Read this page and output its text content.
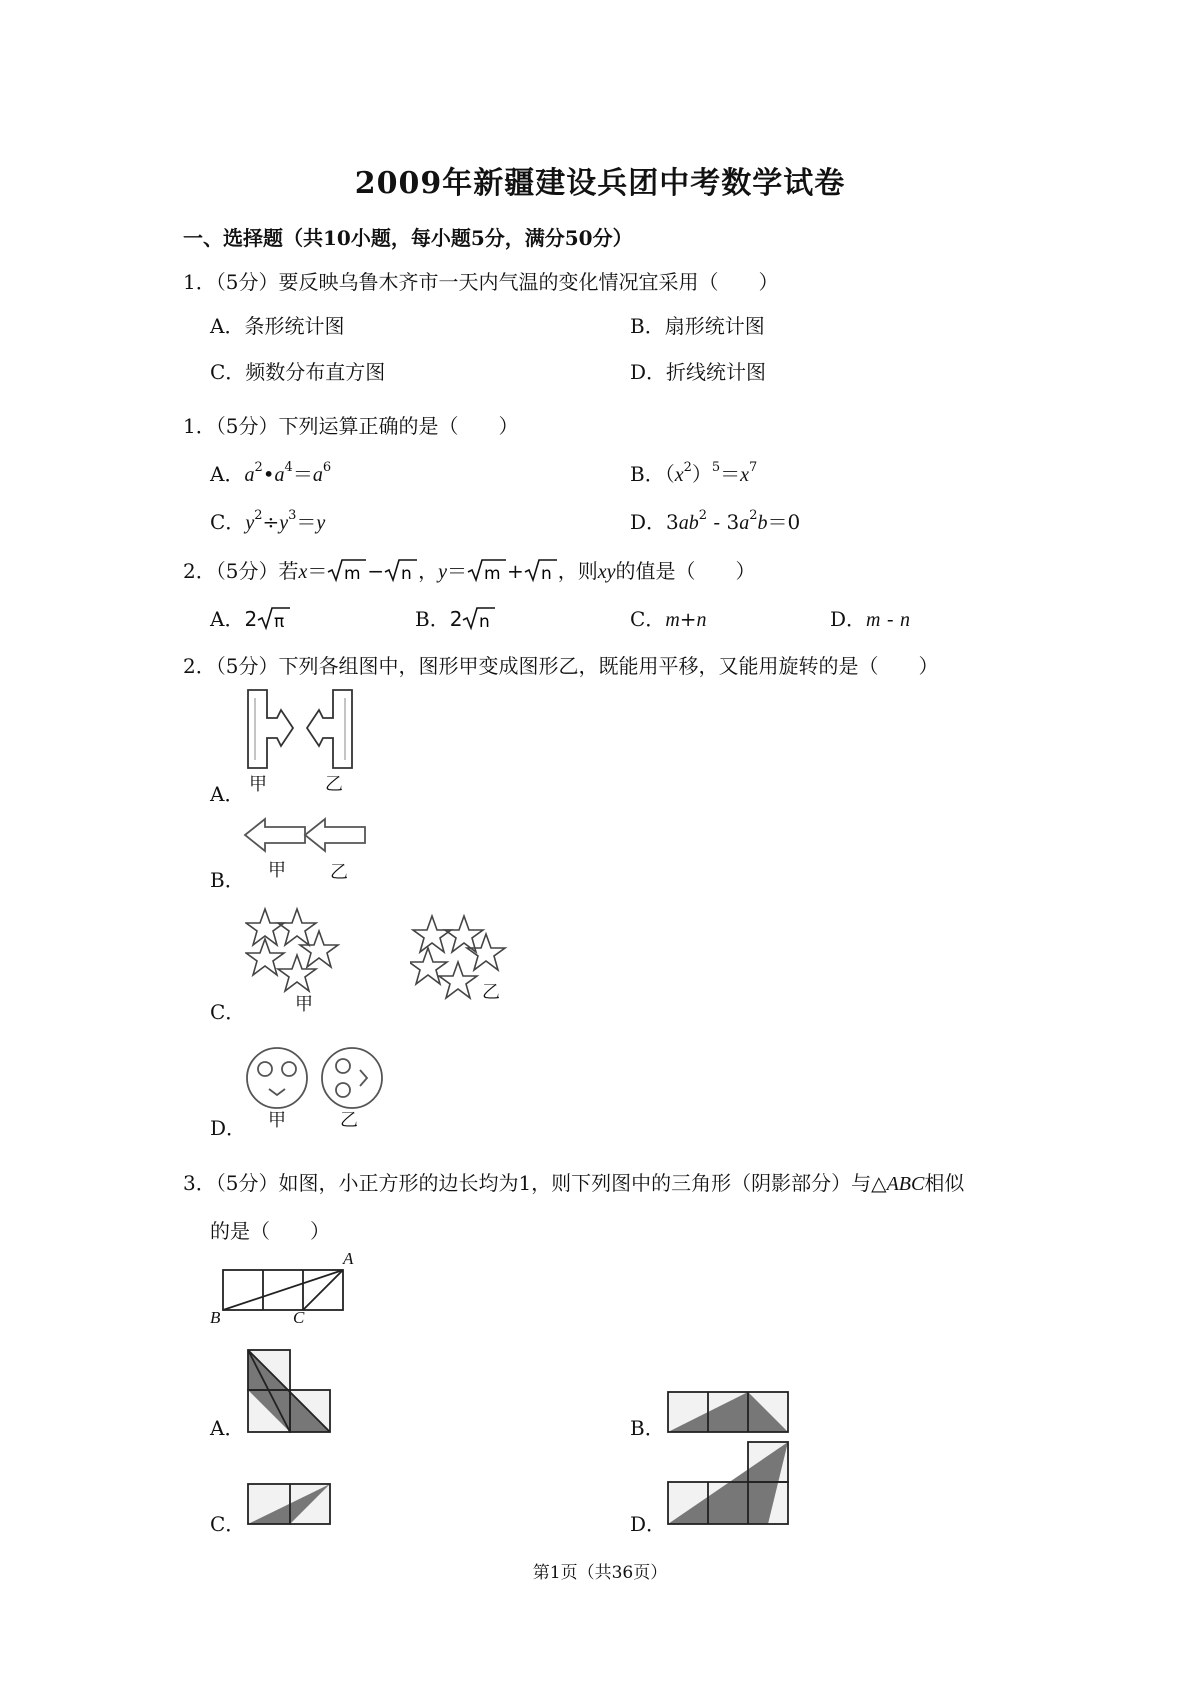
2009年新疆建设兵团中考数学试卷
一、选择题（共10小题，每小题5分，满分50分）
1．（5分）要反映乌鲁木齐市一天内气温的变化情况宜采用（　　）
A．条形统计图	B．扇形统计图
C．频数分布直方图	D．折线统计图
1．（5分）下列运算正确的是（　　）
A．$a^2•a^4=a^6$	B．$(x^2)^5=x^7$
C．$y^2\div y^3=y$	D．$3ab^2 - 3a^2b=0$
2．（5分）若x＝ m − n ，y＝ m + n ，则xy的值是（　　）
A．2 π	B．2 n	C．m+n	D．m - n
2．（5分）下列各组图中，图形甲变成图形乙，既能用平移，又能用旋转的是（　　）
A． 甲	乙
B． 甲 乙
C．	甲
乙
D． 甲	乙
3．（5分）如图，小正方形的边长均为1，则下列图中的三角形（阴影部分）与△ABC相似
的是（　　）
A
B	C
A．	B．
C．	D．
第1页（共36页）
